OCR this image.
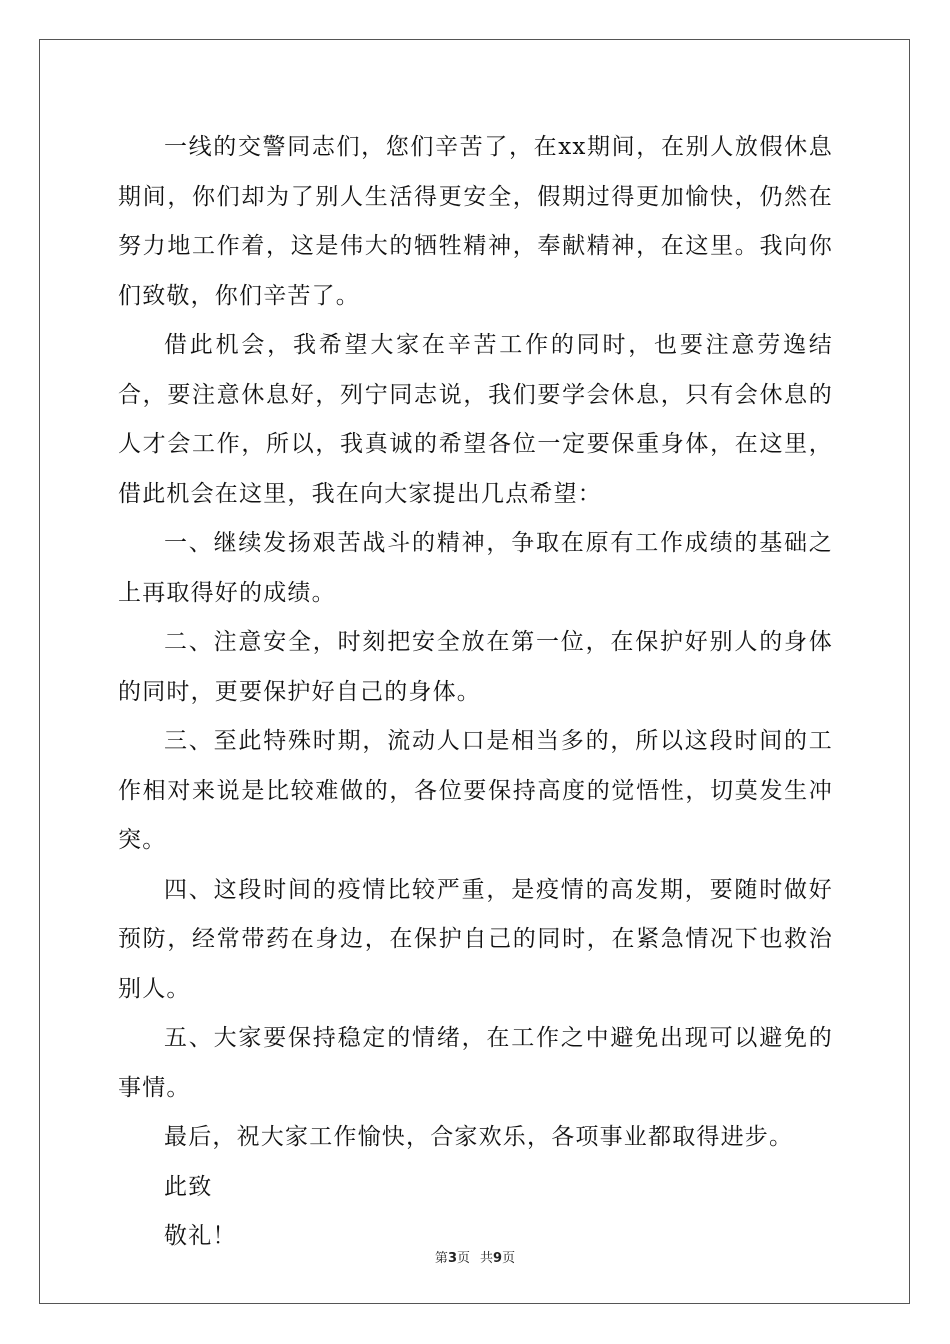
一线的交警同志们，您们辛苦了，在xx期间，在别人放假休息期间，你们却为了别人生活得更安全，假期过得更加愉快，仍然在努力地工作着，这是伟大的牺牲精神，奉献精神，在这里。我向你们致敬，你们辛苦了。

借此机会，我希望大家在辛苦工作的同时，也要注意劳逸结合，要注意休息好，列宁同志说，我们要学会休息，只有会休息的人才会工作，所以，我真诚的希望各位一定要保重身体，在这里，借此机会在这里，我在向大家提出几点希望：

一、继续发扬艰苦战斗的精神，争取在原有工作成绩的基础之上再取得好的成绩。

二、注意安全，时刻把安全放在第一位，在保护好别人的身体的同时，更要保护好自己的身体。

三、至此特殊时期，流动人口是相当多的，所以这段时间的工作相对来说是比较难做的，各位要保持高度的觉悟性，切莫发生冲突。

四、这段时间的疫情比较严重，是疫情的高发期，要随时做好预防，经常带药在身边，在保护自己的同时，在紧急情况下也救治别人。

五、大家要保持稳定的情绪，在工作之中避免出现可以避免的事情。

最后，祝大家工作愉快，合家欢乐，各项事业都取得进步。

此致

敬礼！

第3页 共9页
